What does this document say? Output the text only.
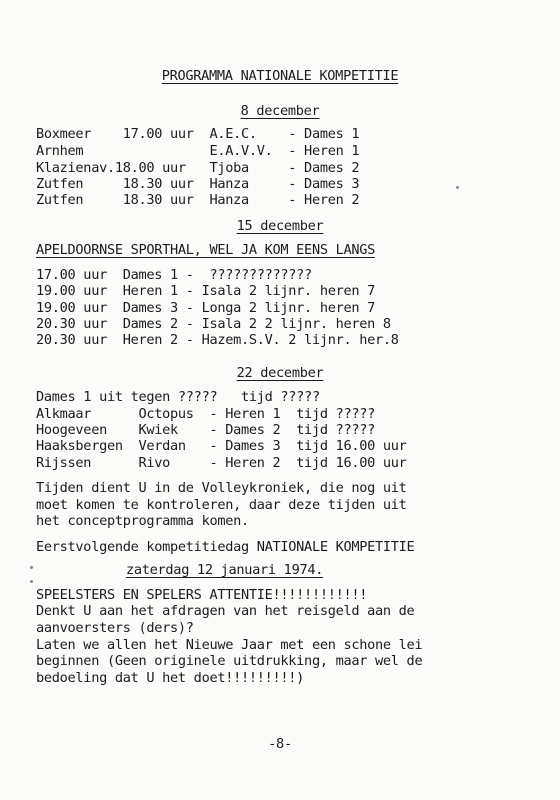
PROGRAMMA NATIONALE KOMPETITIE
8 december
Boxmeer    17.00 uur  A.E.C.    - Dames 1
Arnhem                E.A.V.V.  - Heren 1
Klazienav.18.00 uur   Tjoba     - Dames 2
Zutfen     18.30 uur  Hanza     - Dames 3
Zutfen     18.30 uur  Hanza     - Heren 2
15 december
APELDOORNSE SPORTHAL, WEL JA KOM EENS LANGS
17.00 uur  Dames 1 -  ?????????????
19.00 uur  Heren 1 - Isala 2 lijnr. heren 7
19.00 uur  Dames 3 - Longa 2 lijnr. heren 7
20.30 uur  Dames 2 - Isala 2 2 lijnr. heren 8
20.30 uur  Heren 2 - Hazem.S.V. 2 lijnr. her.8
22 december
Dames 1 uit tegen ?????   tijd ?????
Alkmaar      Octopus  - Heren 1  tijd ?????
Hoogeveen    Kwiek    - Dames 2  tijd ?????
Haaksbergen  Verdan   - Dames 3  tijd 16.00 uur
Rijssen      Rivo     - Heren 2  tijd 16.00 uur
Tijden dient U in de Volleykroniek, die nog uit
moet komen te kontroleren, daar deze tijden uit
het conceptprogramma komen.
Eerstvolgende kompetitiedag NATIONALE KOMPETITIE
zaterdag 12 januari 1974.
SPEELSTERS EN SPELERS ATTENTIE!!!!!!!!!!!!
Denkt U aan het afdragen van het reisgeld aan de
aanvoersters (ders)?
Laten we allen het Nieuwe Jaar met een schone lei
beginnen (Geen originele uitdrukking, maar wel de
bedoeling dat U het doet!!!!!!!!!)
-8-
